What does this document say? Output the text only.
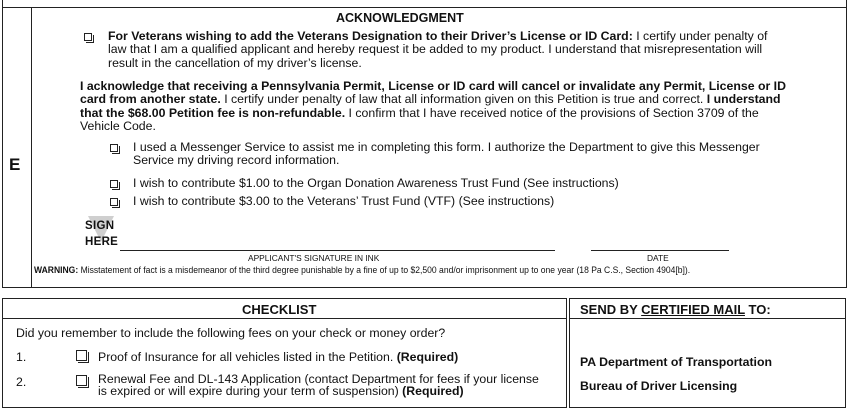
E
ACKNOWLEDGMENT
For Veterans wishing to add the Veterans Designation to their Driver’s License or ID Card: I certify under penalty of
law that I am a qualified applicant and hereby request it be added to my product. I understand that misrepresentation will
result in the cancellation of my driver’s license.
I acknowledge that receiving a Pennsylvania Permit, License or ID card will cancel or invalidate any Permit, License or ID
card from another state. I certify under penalty of law that all information given on this Petition is true and correct. I understand
that the $68.00 Petition fee is non-refundable. I confirm that I have received notice of the provisions of Section 3709 of the
Vehicle Code.
I used a Messenger Service to assist me in completing this form. I authorize the Department to give this Messenger
Service my driving record information.
I wish to contribute $1.00 to the Organ Donation Awareness Trust Fund (See instructions)
I wish to contribute $3.00 to the Veterans’ Trust Fund (VTF) (See instructions)
SIGN
HERE
APPLICANT'S SIGNATURE IN INK	DATE
WARNING: Misstatement of fact is a misdemeanor of the third degree punishable by a fine of up to $2,500 and/or imprisonment up to one year (18 Pa C.S., Section 4904[b]).
CHECKLIST
Did you remember to include the following fees on your check or money order?
1.	Proof of Insurance for all vehicles listed in the Petition. (Required)
2.	Renewal Fee and DL-143 Application (contact Department for fees if your license
is expired or will expire during your term of suspension) (Required)
SEND BY CERTIFIED MAIL TO:
PA Department of Transportation
Bureau of Driver Licensing
